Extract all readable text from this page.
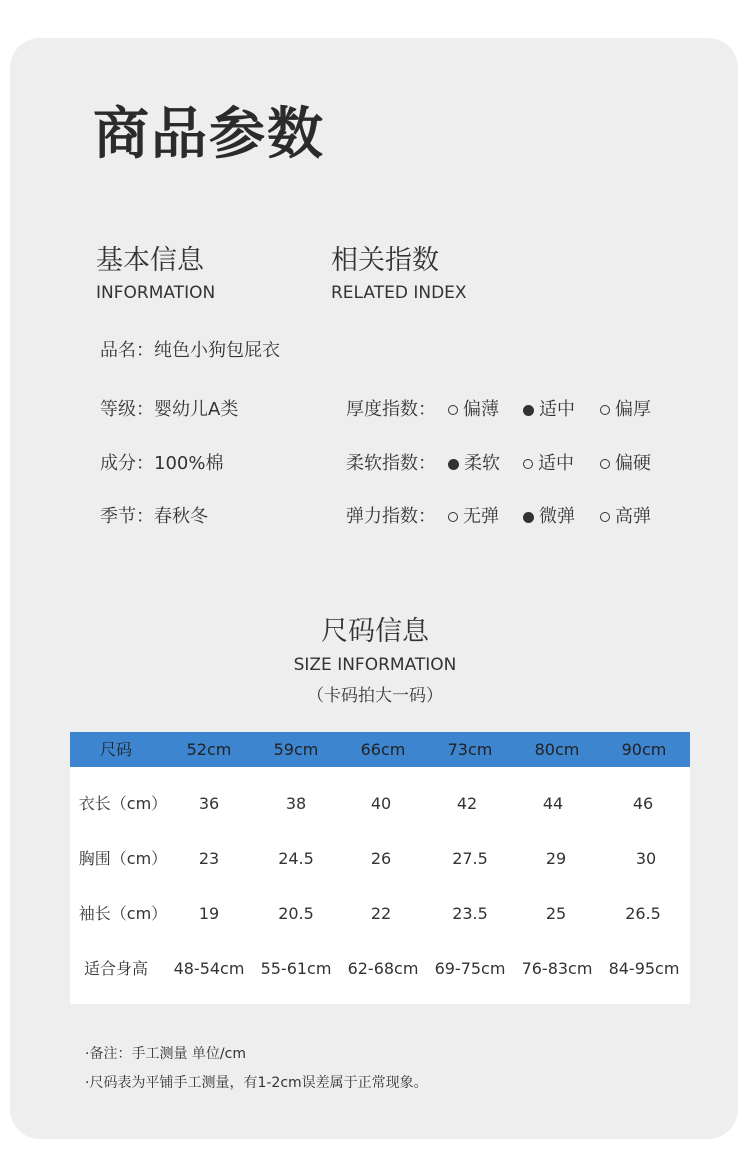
商品参数
基本信息
INFORMATION
相关指数
RELATED INDEX
品名：纯色小狗包屁衣
等级：婴幼儿A类
成分：100%棉
季节：春秋冬
厚度指数： 偏薄 适中 偏厚
柔软指数： 柔软 适中 偏硬
弹力指数： 无弹 微弹 高弹
尺码信息
SIZE INFORMATION
（卡码拍大一码）
尺码	52cm	59cm	66cm	73cm	80cm	90cm
衣长（cm）	36	38	40	42	44	46
胸围（cm）	23	24.5	26	27.5	29	30
袖长（cm）	19	20.5	22	23.5	25	26.5
适合身高	48-54cm	55-61cm	62-68cm	69-75cm	76-83cm	84-95cm
·备注：手工测量 单位/cm
·尺码表为平铺手工测量，有1-2cm误差属于正常现象。
